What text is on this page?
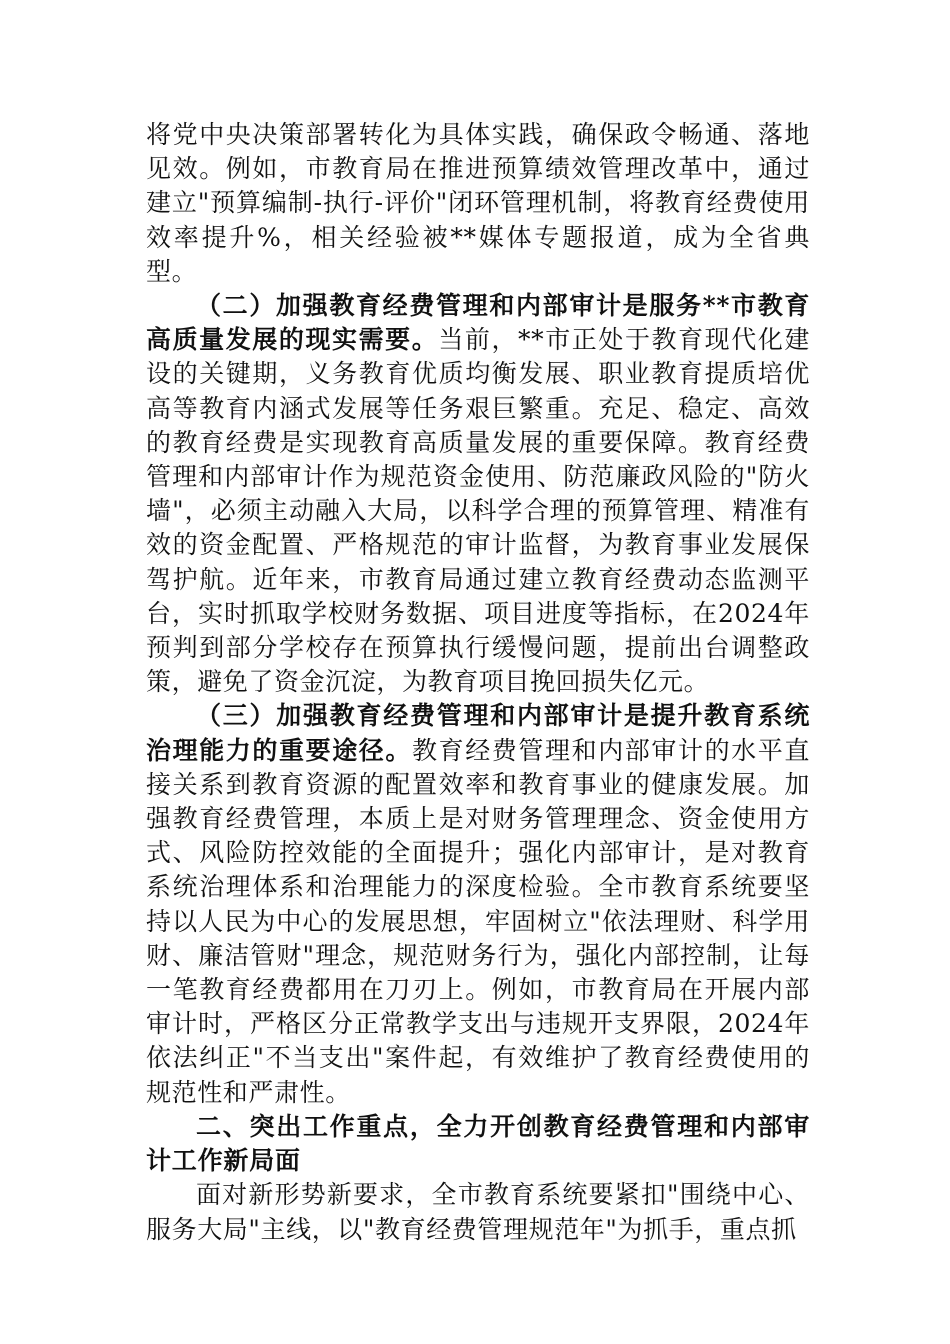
将党中央决策部署转化为具体实践，确保政令畅通、落地见效。例如，市教育局在推进预算绩效管理改革中，通过建立"预算编制-执行-评价"闭环管理机制，将教育经费使用效率提升%，相关经验被**媒体专题报道，成为全省典型。

（二）加强教育经费管理和内部审计是服务**市教育高质量发展的现实需要。当前，**市正处于教育现代化建设的关键期，义务教育优质均衡发展、职业教育提质培优高等教育内涵式发展等任务艰巨繁重。充足、稳定、高效的教育经费是实现教育高质量发展的重要保障。教育经费管理和内部审计作为规范资金使用、防范廉政风险的"防火墙"，必须主动融入大局，以科学合理的预算管理、精准有效的资金配置、严格规范的审计监督，为教育事业发展保驾护航。近年来，市教育局通过建立教育经费动态监测平台，实时抓取学校财务数据、项目进度等指标，在2024年预判到部分学校存在预算执行缓慢问题，提前出台调整政策，避免了资金沉淀，为教育项目挽回损失亿元。

（三）加强教育经费管理和内部审计是提升教育系统治理能力的重要途径。教育经费管理和内部审计的水平直接关系到教育资源的配置效率和教育事业的健康发展。加强教育经费管理，本质上是对财务管理理念、资金使用方式、风险防控效能的全面提升；强化内部审计，是对教育系统治理体系和治理能力的深度检验。全市教育系统要坚持以人民为中心的发展思想，牢固树立"依法理财、科学用财、廉洁管财"理念，规范财务行为，强化内部控制，让每一笔教育经费都用在刀刃上。例如，市教育局在开展内部审计时，严格区分正常教学支出与违规开支界限，2024年依法纠正"不当支出"案件起，有效维护了教育经费使用的规范性和严肃性。

二、突出工作重点，全力开创教育经费管理和内部审计工作新局面

面对新形势新要求，全市教育系统要紧扣"围绕中心、服务大局"主线，以"教育经费管理规范年"为抓手，重点抓
